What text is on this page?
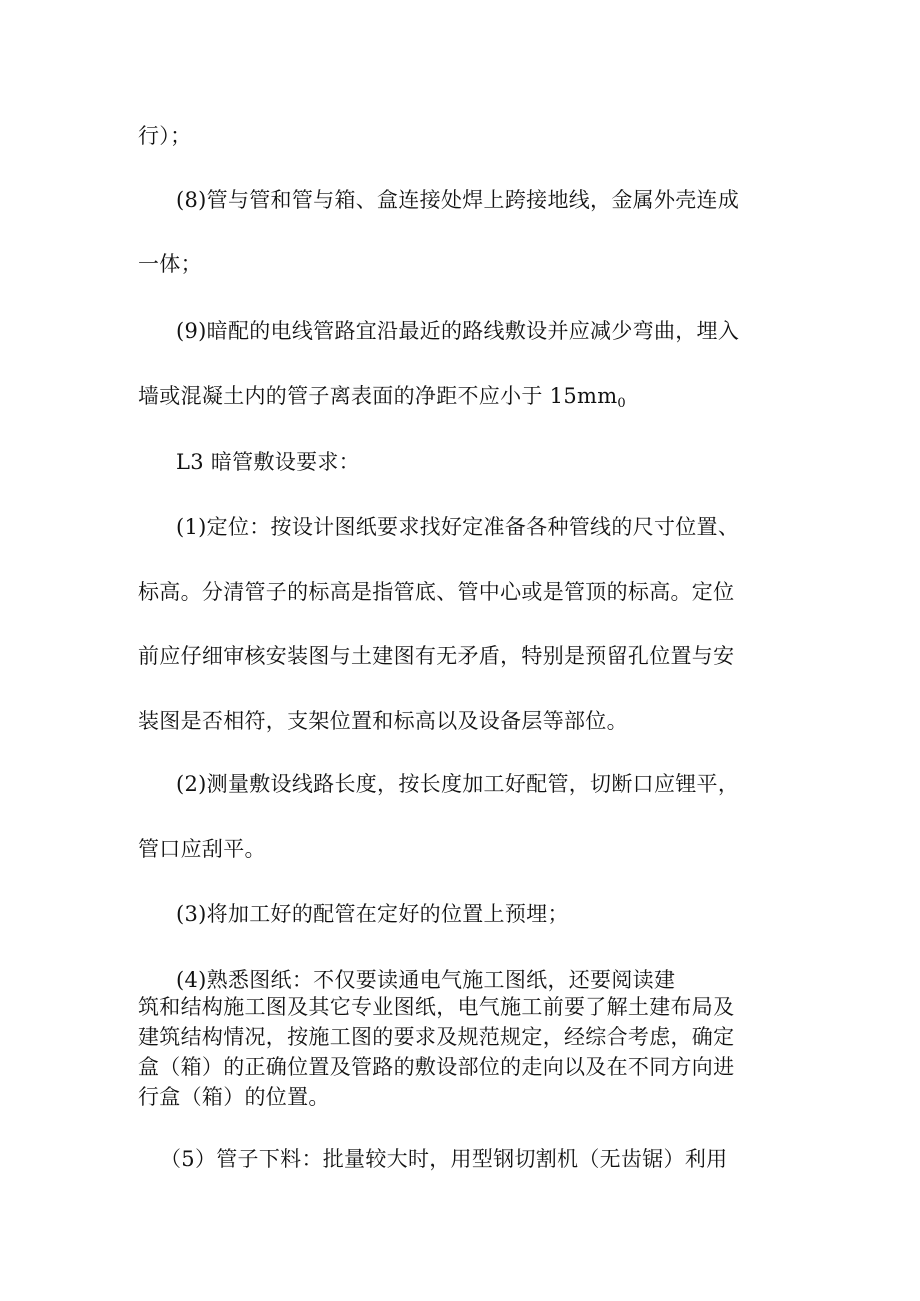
行）；
(8)管与管和管与箱、盒连接处焊上跨接地线，金属外壳连成
一体；
(9)暗配的电线管路宜沿最近的路线敷设并应减少弯曲，埋入
墙或混凝土内的管子离表面的净距不应小于 $15mm_0$
L3 暗管敷设要求：
(1)定位：按设计图纸要求找好定准备各种管线的尺寸位置、
标高。分清管子的标高是指管底、管中心或是管顶的标高。定位
前应仔细审核安装图与土建图有无矛盾，特别是预留孔位置与安
装图是否相符，支架位置和标高以及设备层等部位。
(2)测量敷设线路长度，按长度加工好配管，切断口应锂平，
管口应刮平。
(3)将加工好的配管在定好的位置上预埋；
(4)熟悉图纸：不仅要读通电气施工图纸，还要阅读建
筑和结构施工图及其它专业图纸，电气施工前要了解土建布局及
建筑结构情况，按施工图的要求及规范规定，经综合考虑，确定
盒（箱）的正确位置及管路的敷设部位的走向以及在不同方向进
行盒（箱）的位置。
（5）管子下料：批量较大时，用型钢切割机（无齿锯）利用
